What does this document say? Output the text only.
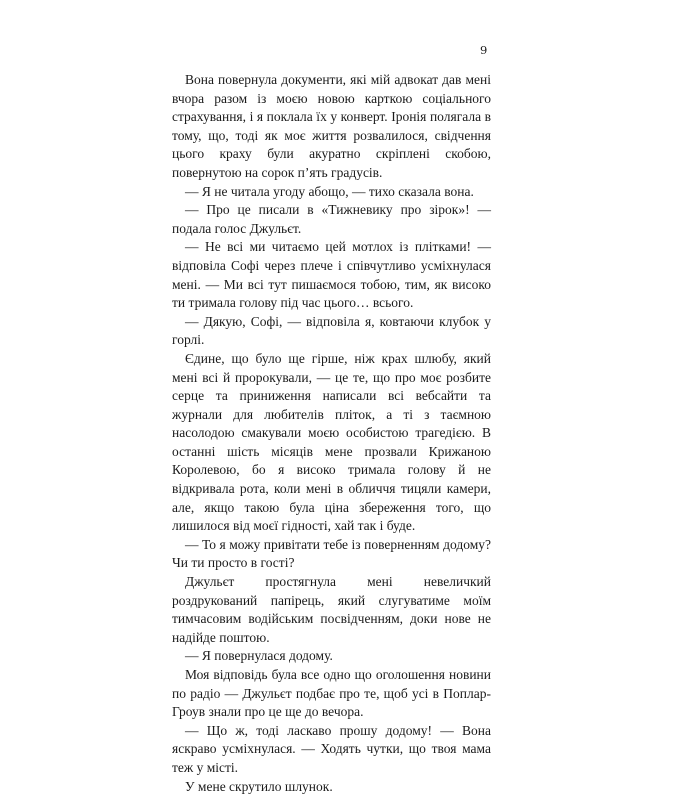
9

Вона повернула документи, які мій адвокат дав мені вчора разом із моєю новою карткою соціального страхування, і я поклала їх у конверт. Іронія полягала в тому, що, тоді як моє життя розвалилося, свідчення цього краху були акуратно скріплені скобою, повернутою на сорок п’ять градусів.

— Я не читала угоду абощо, — тихо сказала вона.

— Про це писали в «Тижневику про зірок»! — подала голос Джульєт.

— Не всі ми читаємо цей мотлох із плітками! — відповіла Софі через плече і співчутливо усміхнулася мені. — Ми всі тут пишаємося тобою, тим, як високо ти тримала голову під час цього… всього.

— Дякую, Софі, — відповіла я, ковтаючи клубок у горлі.

Єдине, що було ще гірше, ніж крах шлюбу, який мені всі й пророкували, — це те, що про моє розбите серце та приниження написали всі вебсайти та журнали для любителів пліток, а ті з таємною насолодою смакували моєю особистою трагедією. В останні шість місяців мене прозвали Крижаною Королевою, бо я високо тримала голову й не відкривала рота, коли мені в обличчя тицяли камери, але, якщо такою була ціна збереження того, що лишилося від моєї гідності, хай так і буде.

— То я можу привітати тебе із поверненням додому? Чи ти просто в гості?

Джульєт простягнула мені невеличкий роздрукований папірець, який слугуватиме моїм тимчасовим водійським посвідченням, доки нове не надійде поштою.

— Я повернулася додому.

Моя відповідь була все одно що оголошення новини по радіо — Джульєт подбає про те, щоб усі в Поплар-Гроув знали про це ще до вечора.

— Що ж, тоді ласкаво прошу додому! — Вона яскраво усміхнулася. — Ходять чутки, що твоя мама теж у місті.

У мене скрутило шлунок.
